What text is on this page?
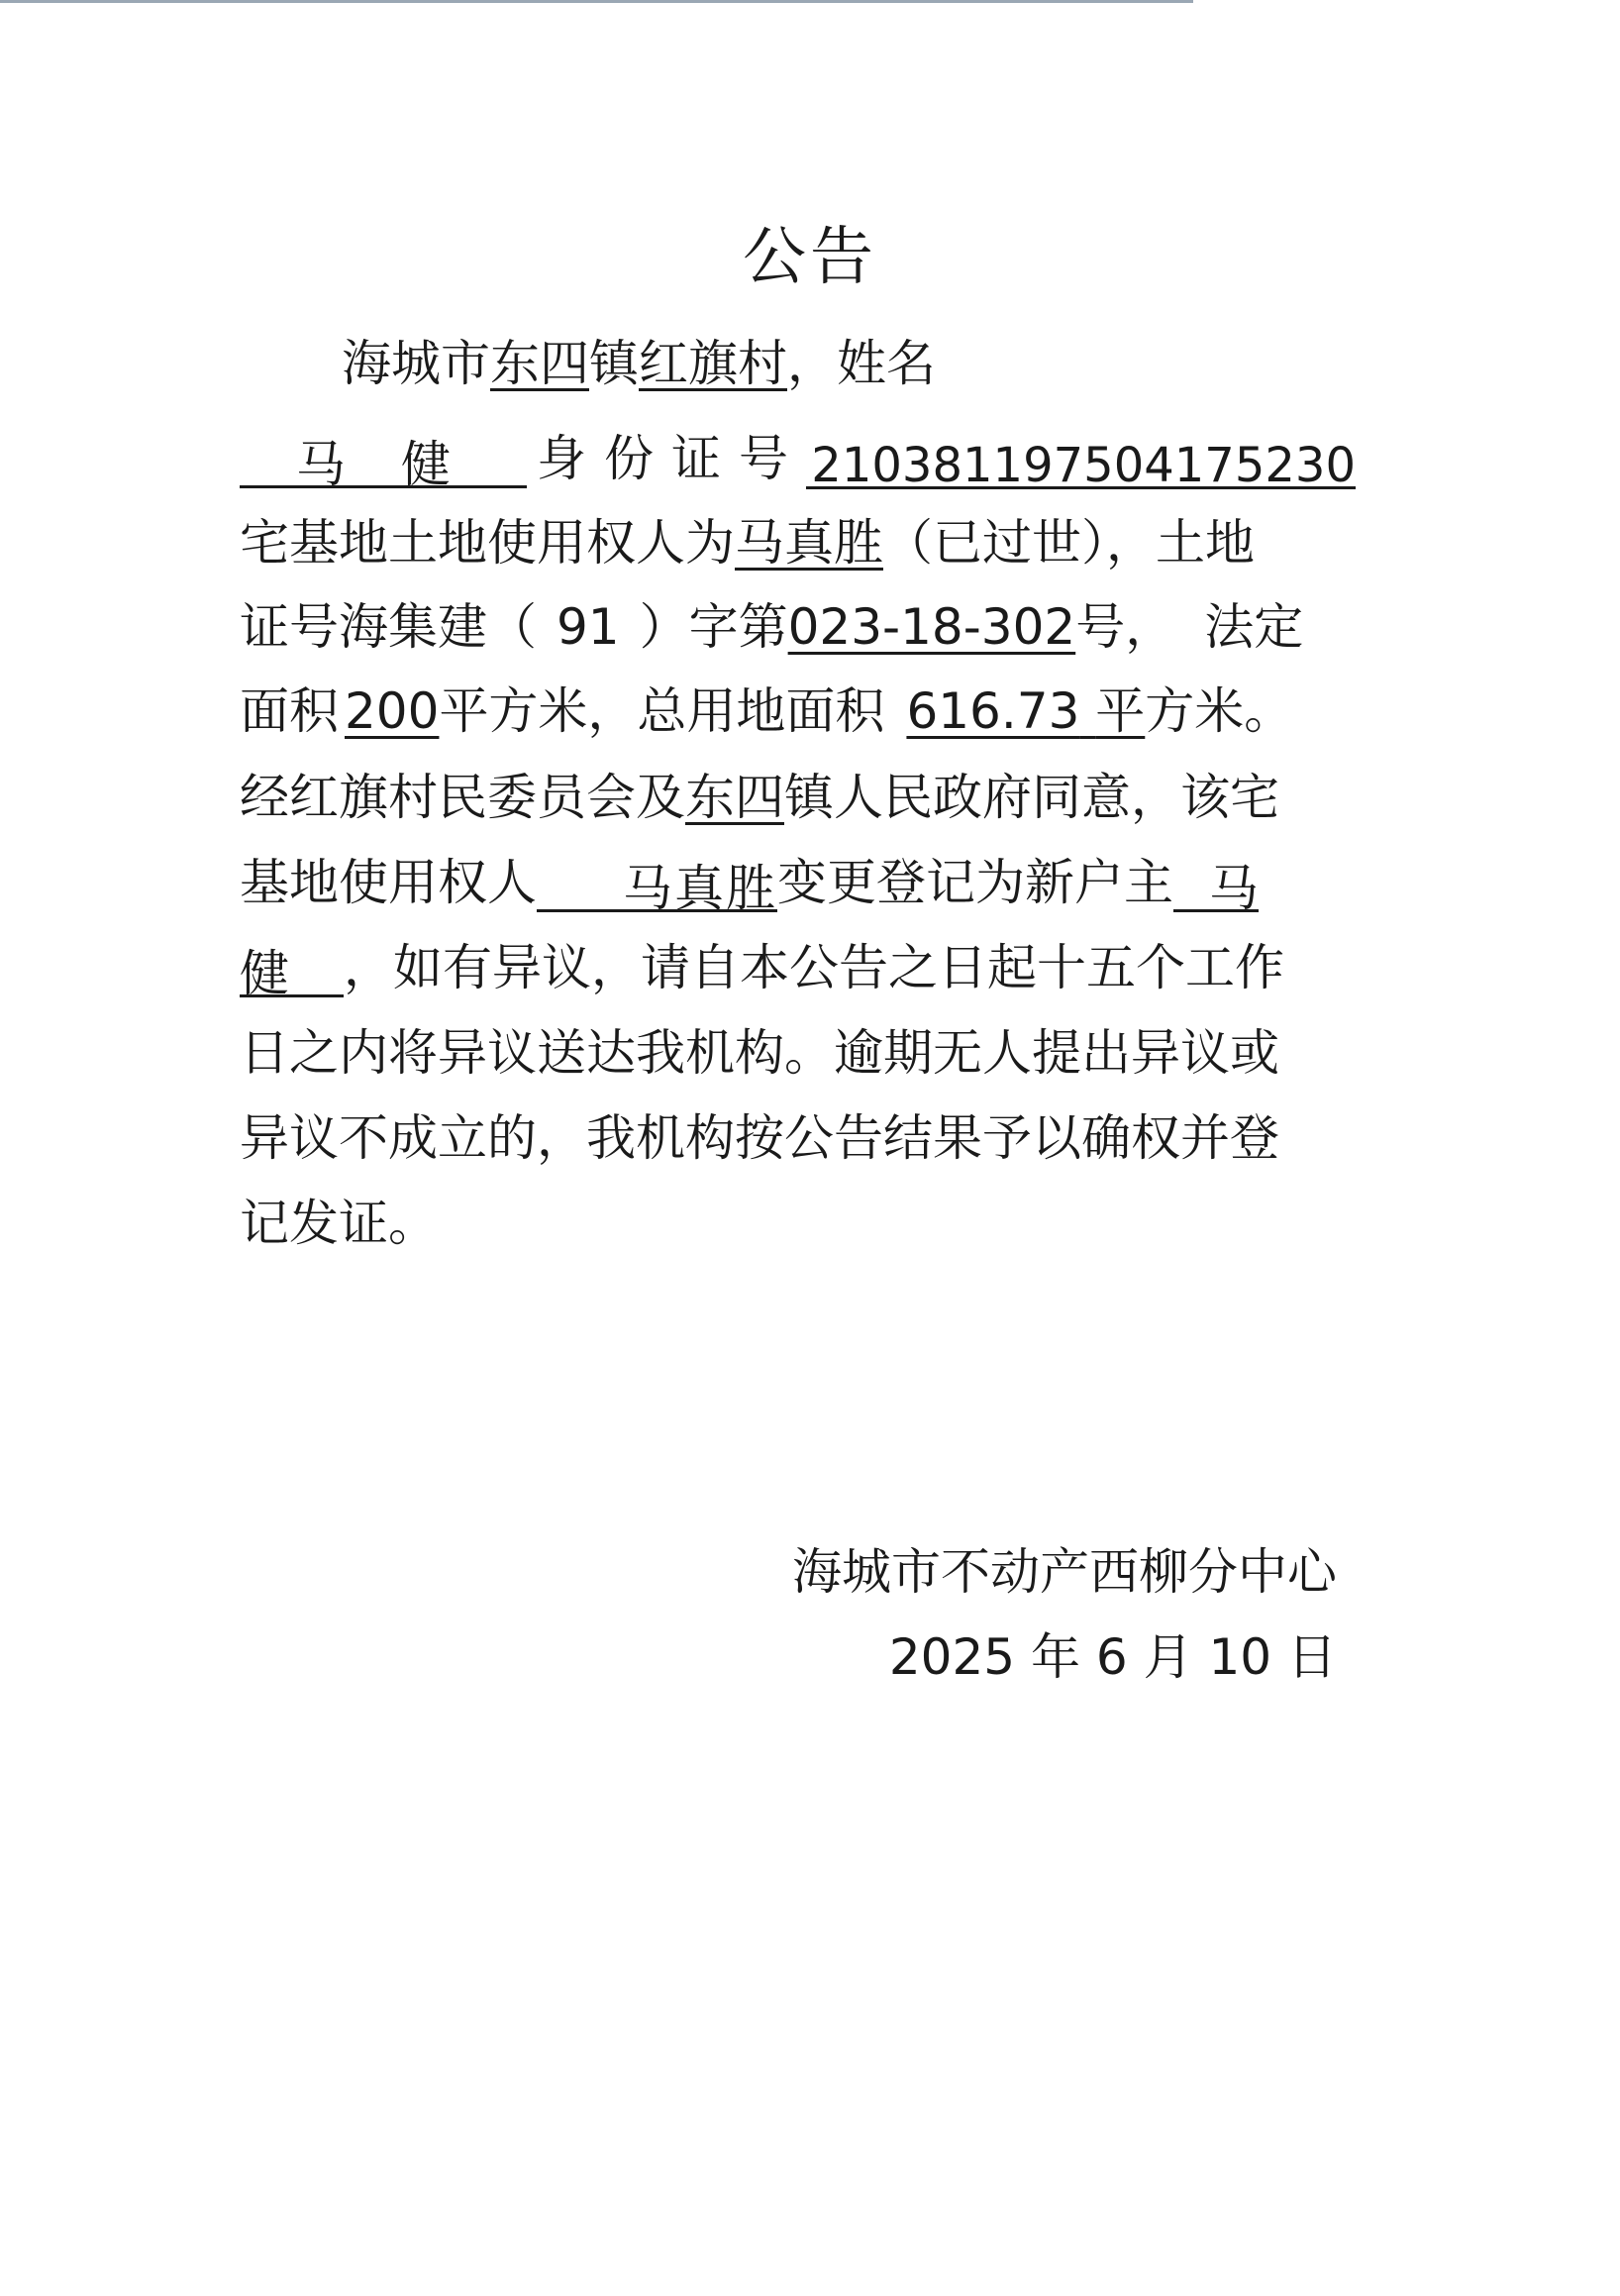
公告
海城市东四镇红旗村，姓名
马 健 身份证号 210381197504175230
宅基地土地使用权人为马真胜（已过世），土地
证号海集建（ 91 ）字第023-18-302号， 法定
面积 200平方米，总用地面积 616.73 平方米。
经红旗村民委员会及东四镇人民政府同意，该宅
基地使用权人 马真胜变更登记为新户主 马
健 ，如有异议，请自本公告之日起十五个工作
日之内将异议送达我机构。逾期无人提出异议或
异议不成立的，我机构按公告结果予以确权并登
记发证。
海城市不动产西柳分中心
2025 年 6 月 10 日
